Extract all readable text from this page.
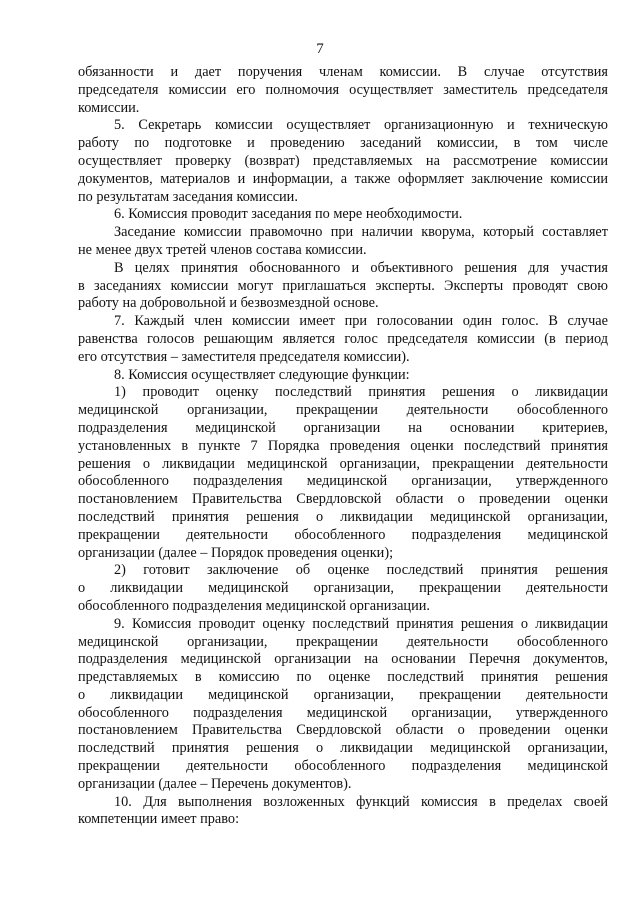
7
обязанности и дает поручения членам комиссии. В случае отсутствия
председателя комиссии его полномочия осуществляет заместитель председателя
комиссии.
5. Секретарь комиссии осуществляет организационную и техническую
работу по подготовке и проведению заседаний комиссии, в том числе
осуществляет проверку (возврат) представляемых на рассмотрение комиссии
документов, материалов и информации, а также оформляет заключение комиссии
по результатам заседания комиссии.
6. Комиссия проводит заседания по мере необходимости.
Заседание комиссии правомочно при наличии кворума, который составляет
не менее двух третей членов состава комиссии.
В целях принятия обоснованного и объективного решения для участия
в заседаниях комиссии могут приглашаться эксперты. Эксперты проводят свою
работу на добровольной и безвозмездной основе.
7. Каждый член комиссии имеет при голосовании один голос. В случае
равенства голосов решающим является голос председателя комиссии (в период
его отсутствия – заместителя председателя комиссии).
8. Комиссия осуществляет следующие функции:
1) проводит оценку последствий принятия решения о ликвидации
медицинской организации, прекращении деятельности обособленного
подразделения медицинской организации на основании критериев,
установленных в пункте 7 Порядка проведения оценки последствий принятия
решения о ликвидации медицинской организации, прекращении деятельности
обособленного подразделения медицинской организации, утвержденного
постановлением Правительства Свердловской области о проведении оценки
последствий принятия решения о ликвидации медицинской организации,
прекращении деятельности обособленного подразделения медицинской
организации (далее – Порядок проведения оценки);
2) готовит заключение об оценке последствий принятия решения
о ликвидации медицинской организации, прекращении деятельности
обособленного подразделения медицинской организации.
9. Комиссия проводит оценку последствий принятия решения о ликвидации
медицинской организации, прекращении деятельности обособленного
подразделения медицинской организации на основании Перечня документов,
представляемых в комиссию по оценке последствий принятия решения
о ликвидации медицинской организации, прекращении деятельности
обособленного подразделения медицинской организации, утвержденного
постановлением Правительства Свердловской области о проведении оценки
последствий принятия решения о ликвидации медицинской организации,
прекращении деятельности обособленного подразделения медицинской
организации (далее – Перечень документов).
10. Для выполнения возложенных функций комиссия в пределах своей
компетенции имеет право:
